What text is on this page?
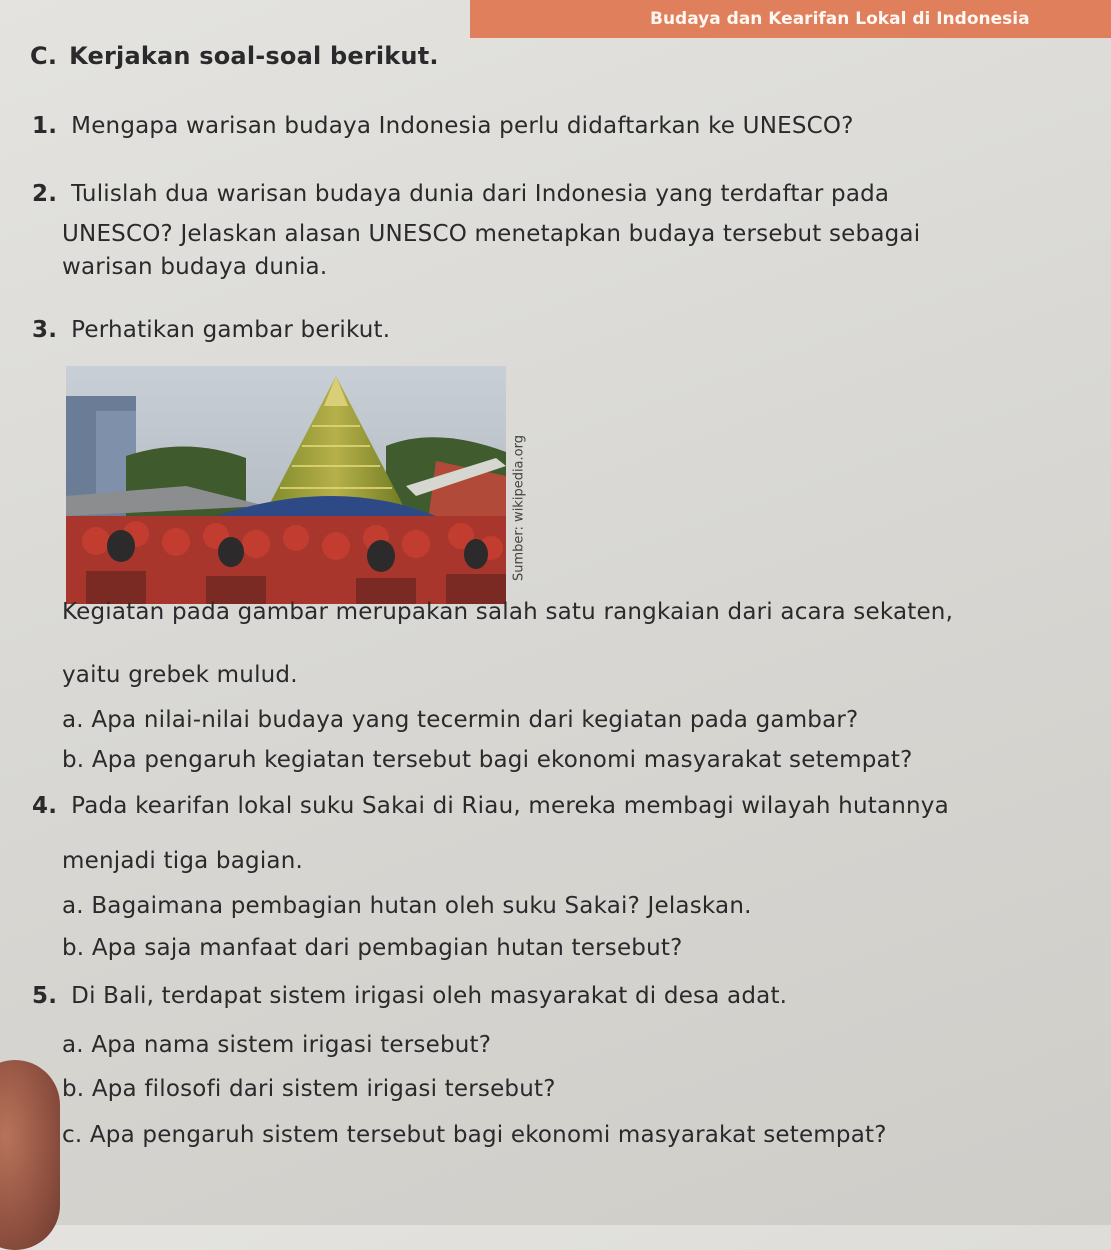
Budaya dan Kearifan Lokal di Indonesia
C. Kerjakan soal-soal berikut.
1. Mengapa warisan budaya Indonesia perlu didaftarkan ke UNESCO?
2. Tulislah dua warisan budaya dunia dari Indonesia yang terdaftar pada
UNESCO? Jelaskan alasan UNESCO menetapkan budaya tersebut sebagai
warisan budaya dunia.
3. Perhatikan gambar berikut.
Sumber: wikipedia.org
Kegiatan pada gambar merupakan salah satu rangkaian dari acara sekaten,
yaitu grebek mulud.
a. Apa nilai-nilai budaya yang tecermin dari kegiatan pada gambar?
b. Apa pengaruh kegiatan tersebut bagi ekonomi masyarakat setempat?
4. Pada kearifan lokal suku Sakai di Riau, mereka membagi wilayah hutannya
menjadi tiga bagian.
a. Bagaimana pembagian hutan oleh suku Sakai? Jelaskan.
b. Apa saja manfaat dari pembagian hutan tersebut?
5. Di Bali, terdapat sistem irigasi oleh masyarakat di desa adat.
a. Apa nama sistem irigasi tersebut?
b. Apa filosofi dari sistem irigasi tersebut?
c. Apa pengaruh sistem tersebut bagi ekonomi masyarakat setempat?
